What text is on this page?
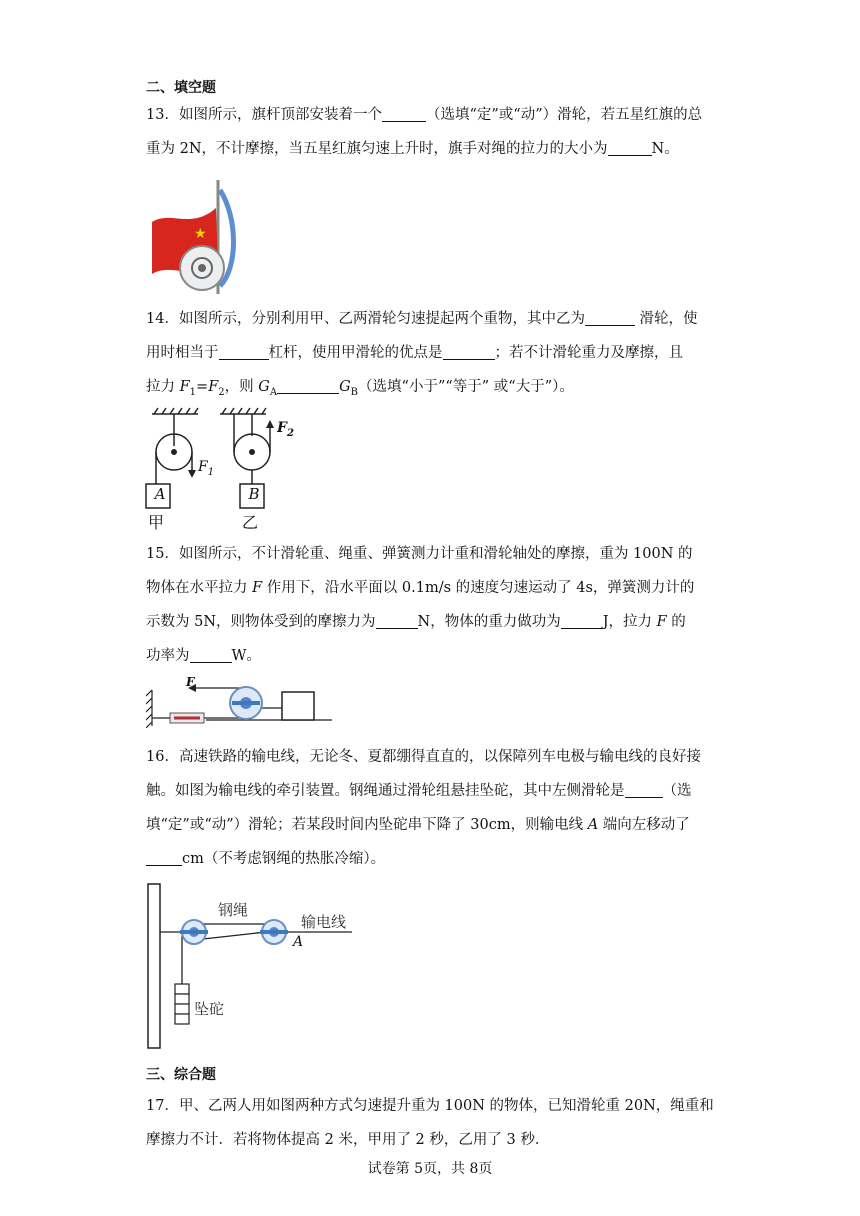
二、填空题
13．如图所示，旗杆顶部安装着一个	（选填“定”或“动”）滑轮，若五星红旗的总
重为 2N，不计摩擦，当五星红旗匀速上升时，旗手对绳的拉力的大小为	N。
★
14．如图所示，分别利用甲、乙两滑轮匀速提起两个重物，其中乙为	滑轮，使
用时相当于	杠杆，使用甲滑轮的优点是	；若不计滑轮重力及摩擦，且
拉力 $F_1=F_2$，则 $G_A$	$G_B$（选填“小于”“等于” 或“大于”）。
$F_1$
$F_2$
A	B
甲	乙
15．如图所示，不计滑轮重、绳重、弹簧测力计重和滑轮轴处的摩擦，重为 100N 的
物体在水平拉力 F 作用下，沿水平面以 0.1m/s 的速度匀速运动了 4s，弹簧测力计的
示数为 5N，则物体受到的摩擦力为	N，物体的重力做功为	J，拉力 F 的
功率为	W。
F
16．高速铁路的输电线，无论冬、夏都绷得直直的，以保障列车电极与输电线的良好接
触。如图为输电线的牵引装置。钢绳通过滑轮组悬挂坠砣，其中左侧滑轮是	（选
填“定”或“动”）滑轮；若某段时间内坠砣串下降了 30cm，则输电线 A 端向左移动了
cm（不考虑钢绳的热胀冷缩）。
钢绳
输电线
A
坠砣
三、综合题
17．甲、乙两人用如图两种方式匀速提升重为 100N 的物体，已知滑轮重 20N，绳重和
摩擦力不计．若将物体提高 2 米，甲用了 2 秒，乙用了 3 秒．
试卷第 5页，共 8页
